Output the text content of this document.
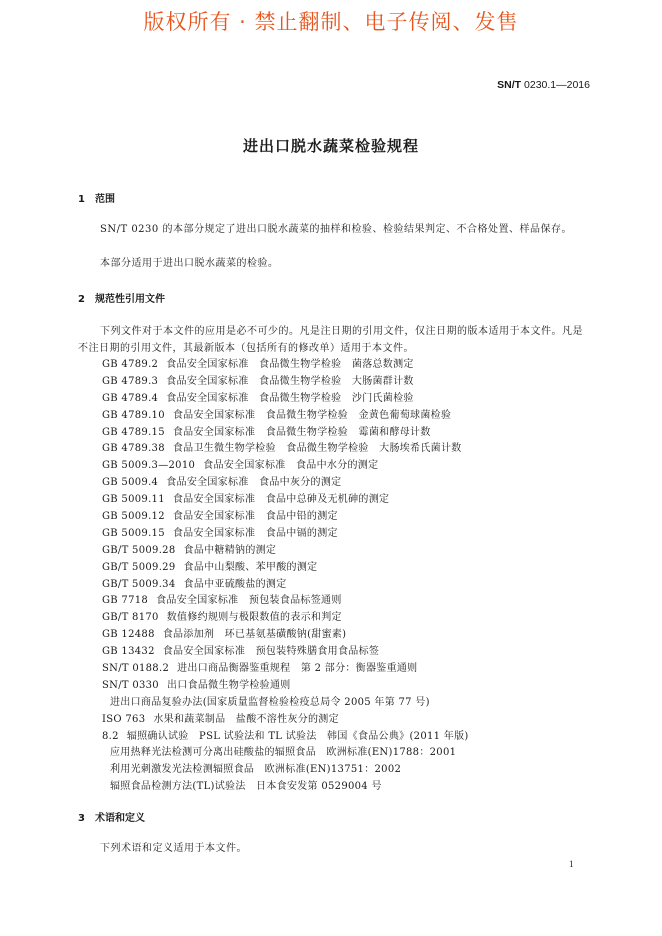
版权所有 · 禁止翻制、电子传阅、发售
SN/T 0230.1—2016
进出口脱水蔬菜检验规程
1 范围
SN/T 0230 的本部分规定了进出口脱水蔬菜的抽样和检验、检验结果判定、不合格处置、样品保存。
本部分适用于进出口脱水蔬菜的检验。
2 规范性引用文件
下列文件对于本文件的应用是必不可少的。凡是注日期的引用文件，仅注日期的版本适用于本文件。凡是不注日期的引用文件，其最新版本（包括所有的修改单）适用于本文件。
GB 4789.2 食品安全国家标准   食品微生物学检验   菌落总数测定
GB 4789.3 食品安全国家标准   食品微生物学检验   大肠菌群计数
GB 4789.4 食品安全国家标准   食品微生物学检验   沙门氏菌检验
GB 4789.10 食品安全国家标准   食品微生物学检验   金黄色葡萄球菌检验
GB 4789.15 食品安全国家标准   食品微生物学检验   霉菌和酵母计数
GB 4789.38 食品卫生微生物学检验   食品微生物学检验   大肠埃希氏菌计数
GB 5009.3—2010 食品安全国家标准   食品中水分的测定
GB 5009.4 食品安全国家标准   食品中灰分的测定
GB 5009.11 食品安全国家标准   食品中总砷及无机砷的测定
GB 5009.12 食品安全国家标准   食品中铅的测定
GB 5009.15 食品安全国家标准   食品中镉的测定
GB/T 5009.28 食品中糖精钠的测定
GB/T 5009.29 食品中山梨酸、苯甲酸的测定
GB/T 5009.34 食品中亚硫酸盐的测定
GB 7718 食品安全国家标准   预包装食品标签通则
GB/T 8170 数值修约规则与极限数值的表示和判定
GB 12488 食品添加剂   环已基氨基磺酸钠(甜蜜素)
GB 13432 食品安全国家标准   预包装特殊膳食用食品标签
SN/T 0188.2 进出口商品衡器鉴重规程   第 2 部分：衡器鉴重通则
SN/T 0330 出口食品微生物学检验通则
进出口商品复验办法(国家质量监督检验检疫总局令 2005 年第 77 号)
ISO 763 水果和蔬菜制品   盐酸不溶性灰分的测定
8.2 辐照确认试验   PSL 试验法和 TL 试验法   韩国《食品公典》(2011 年版)
应用热释光法检测可分离出硅酸盐的辐照食品   欧洲标准(EN)1788：2001
利用光刺激发光法检测辐照食品   欧洲标准(EN)13751：2002
辐照食品检测方法(TL)试验法   日本食安发第 0529004 号
3 术语和定义
下列术语和定义适用于本文件。
1
